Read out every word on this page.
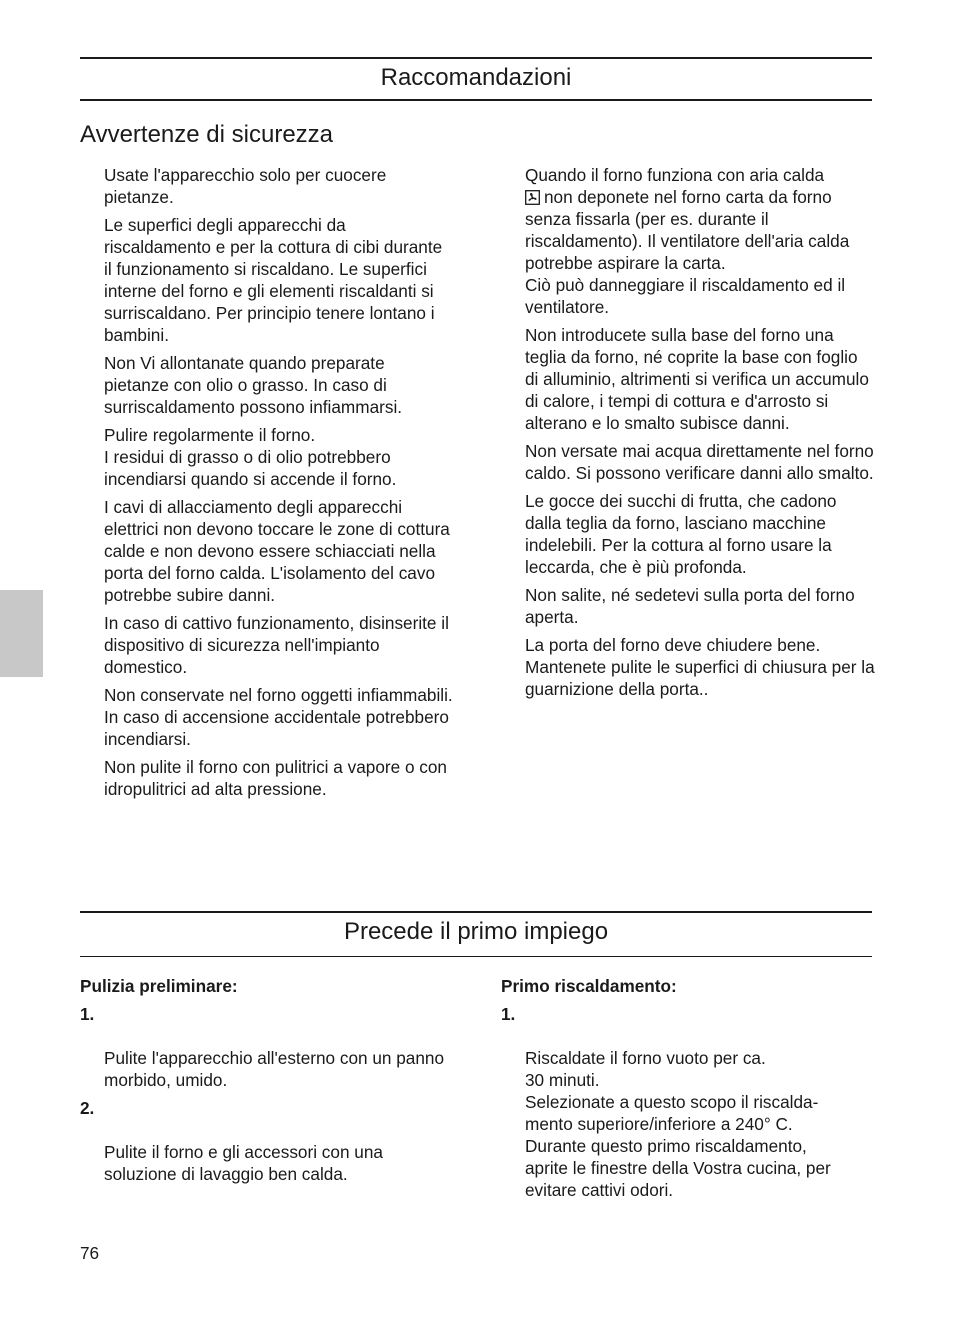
Raccomandazioni
Avvertenze di sicurezza

Usate l'apparecchio solo per cuocere pietanze.

Le superfici degli apparecchi da riscaldamento e per la cottura di cibi durante il funzionamento si riscaldano. Le superfici interne del forno e gli elementi riscaldanti si surriscaldano. Per principio tenere lontano i bambini.

Non Vi allontanate quando preparate pietanze con olio o grasso. In caso di surriscaldamento possono infiammarsi.

Pulire regolarmente il forno.
I residui di grasso o di olio potrebbero incendiarsi quando si accende il forno.

I cavi di allacciamento degli apparecchi elettrici non devono toccare le zone di cottura calde e non devono essere schiacciati nella porta del forno calda. L'isolamento del cavo potrebbe subire danni.

In caso di cattivo funzionamento, disinserite il dispositivo di sicurezza nell'impianto domestico.

Non conservate nel forno oggetti infiammabili. In caso di accensione accidentale potrebbero incendiarsi.

Non pulite il forno con pulitrici a vapore o con idropulitrici ad alta pressione.

Quando il forno funziona con aria calda
non deponete nel forno carta da forno senza fissarla (per es. durante il riscaldamento). Il ventilatore dell'aria calda potrebbe aspirare la carta.
Ciò può danneggiare il riscaldamento ed il ventilatore.

Non introducete sulla base del forno una teglia da forno, né coprite la base con foglio di alluminio, altrimenti si verifica un accumulo di calore, i tempi di cottura e d'arrosto si alterano e lo smalto subisce danni.

Non versate mai acqua direttamente nel forno caldo. Si possono verificare danni allo smalto.

Le gocce dei succhi di frutta, che cadono dalla teglia da forno, lasciano macchine indelebili. Per la cottura al forno usare la leccarda, che è più profonda.

Non salite, né sedetevi sulla porta del forno aperta.

La porta del forno deve chiudere bene. Mantenete pulite le superfici di chiusura per la guarnizione della porta..

Precede il primo impiego

Pulizia preliminare:

1.

Pulite l'apparecchio all'esterno con un panno morbido, umido.

2.

Pulite il forno e gli accessori con una soluzione di lavaggio ben calda.

Primo riscaldamento:

1.

Riscaldate il forno vuoto per ca.
30 minuti.
Selezionate a questo scopo il riscalda-
mento superiore/inferiore a 240° C.
Durante questo primo riscaldamento,
aprite le finestre della Vostra cucina, per
evitare cattivi odori.

76
